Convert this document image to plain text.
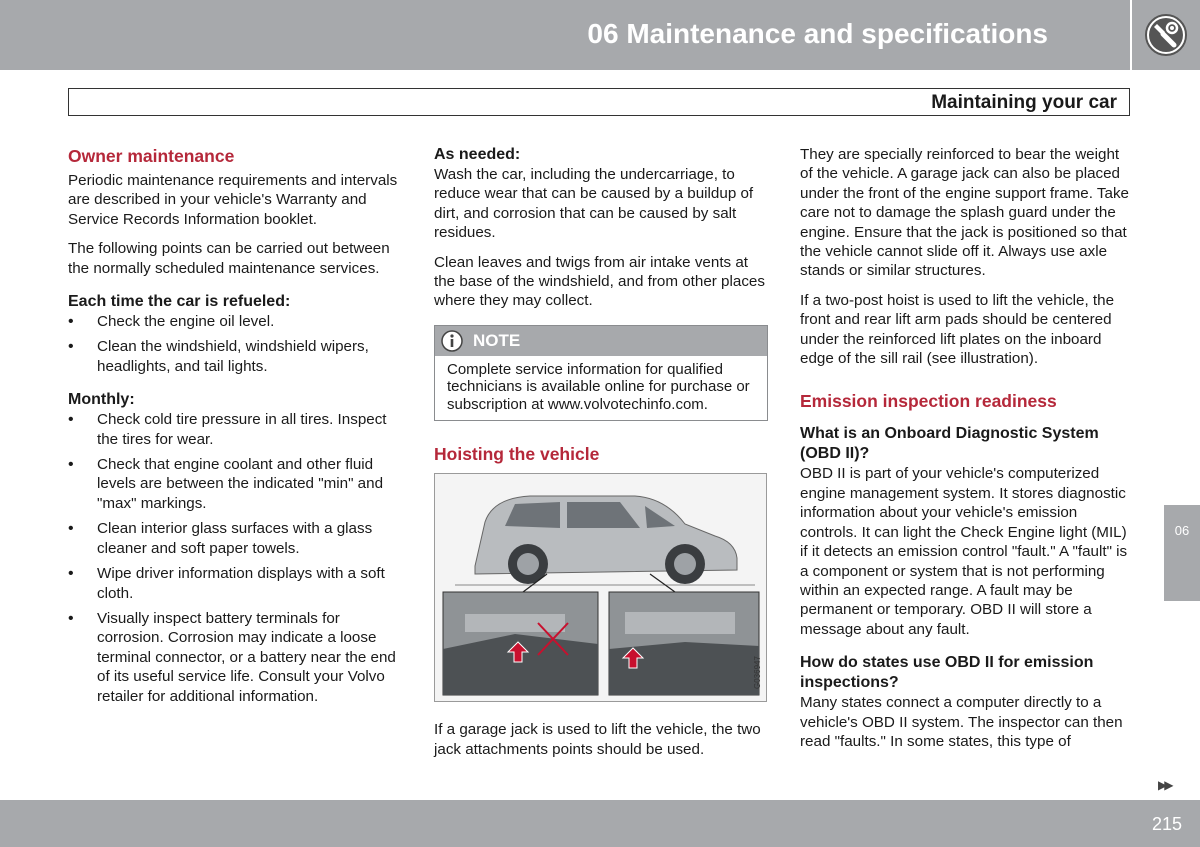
06 Maintenance and specifications
Maintaining your car
Owner maintenance

Periodic maintenance requirements and intervals are described in your vehicle's Warranty and Service Records Information booklet.

The following points can be carried out between the normally scheduled maintenance services.

Each time the car is refueled:
• Check the engine oil level.
• Clean the windshield, windshield wipers, headlights, and tail lights.
Monthly:
• Check cold tire pressure in all tires. Inspect the tires for wear.
• Check that engine coolant and other fluid levels are between the indicated "min" and "max" markings.
• Clean interior glass surfaces with a glass cleaner and soft paper towels.
• Wipe driver information displays with a soft cloth.
• Visually inspect battery terminals for corrosion. Corrosion may indicate a loose terminal connector, or a battery near the end of its useful service life. Consult your Volvo retailer for additional information.
As needed:

Wash the car, including the undercarriage, to reduce wear that can be caused by a buildup of dirt, and corrosion that can be caused by salt residues.

Clean leaves and twigs from air intake vents at the base of the windshield, and from other places where they may collect.

NOTE
Complete service information for qualified technicians is available online for purchase or subscription at www.volvotechinfo.com.
Hoisting the vehicle
G036947

If a garage jack is used to lift the vehicle, the two jack attachments points should be used.

They are specially reinforced to bear the weight of the vehicle. A garage jack can also be placed under the front of the engine support frame. Take care not to damage the splash guard under the engine. Ensure that the jack is positioned so that the vehicle cannot slide off it. Always use axle stands or similar structures.

If a two-post hoist is used to lift the vehicle, the front and rear lift arm pads should be centered under the reinforced lift plates on the inboard edge of the sill rail (see illustration).

Emission inspection readiness
What is an Onboard Diagnostic System (OBD II)?

OBD II is part of your vehicle's computerized engine management system. It stores diagnostic information about your vehicle's emission controls. It can light the Check Engine light (MIL) if it detects an emission control "fault." A "fault" is a component or system that is not performing within an expected range. A fault may be permanent or temporary. OBD II will store a message about any fault.

How do states use OBD II for emission inspections?

Many states connect a computer directly to a vehicle's OBD II system. The inspector can then read "faults." In some states, this type of

06
▶▶
215
